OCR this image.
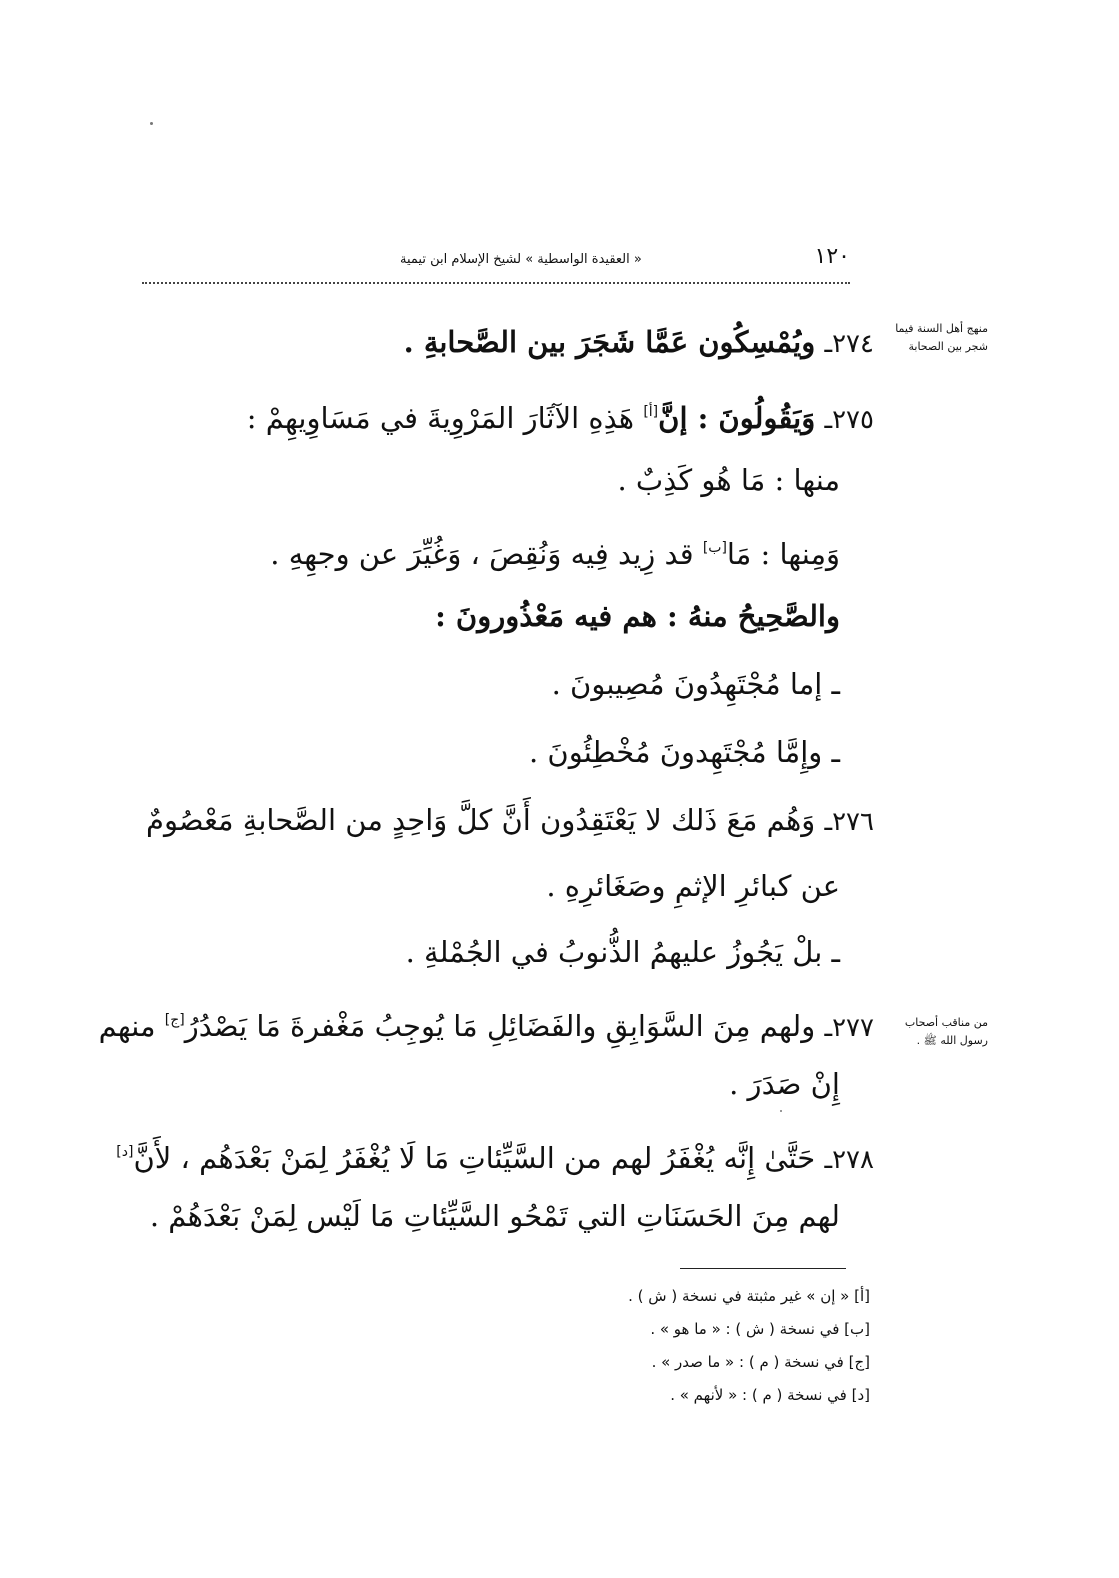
١٢٠
« العقيدة الواسطية » لشيخ الإسلام ابن تيمية
منهج أهل السنة فيما شجر بين الصحابة
من مناقب أصحاب رسول الله ﷺ .
٢٧٤ـ ويُمْسِكُون عَمَّا شَجَرَ بين الصَّحابةِ .
٢٧٥ـ وَيَقُولُونَ : إنَّ[أ] هَذِهِ الآثَارَ المَرْوِيةَ في مَسَاوِيهِمْ :
منها : مَا هُو كَذِبٌ .
وَمِنها : مَا[ب] قد زِيد فِيه وَنُقِصَ ، وَغُيِّرَ عن وجهِهِ .
والصَّحِيحُ منهُ : هم فيه مَعْذُورونَ :
ـ إما مُجْتَهِدُونَ مُصِيبونَ .
ـ وإِمَّا مُجْتَهِدونَ مُخْطِئُونَ .
٢٧٦ـ وَهُم مَعَ ذَلك لا يَعْتَقِدُون أَنَّ كلَّ وَاحِدٍ من الصَّحابةِ مَعْصُومٌ
عن كبائرِ الإثمِ وصَغَائرِهِ .
ـ بلْ يَجُوزُ عليهمُ الذُّنوبُ في الجُمْلةِ .
٢٧٧ـ ولهم مِنَ السَّوَابِقِ والفَضَائِلِ مَا يُوجِبُ مَغْفرةَ مَا يَصْدُرُ[ج] منهم
إِنْ صَدَرَ .
٢٧٨ـ حَتَّىٰ إِنَّه يُغْفَرُ لهم من السَّيِّئاتِ مَا لَا يُغْفَرُ لِمَنْ بَعْدَهُم ، لأَنَّ[د]
لهم مِنَ الحَسَنَاتِ التي تَمْحُو السَّيِّئاتِ مَا لَيْس لِمَنْ بَعْدَهُمْ .
[أ] « إن » غير مثبتة في نسخة ( ش ) .
[ب] في نسخة ( ش ) : « ما هو » .
[ج] في نسخة ( م ) : « ما صدر » .
[د] في نسخة ( م ) : « لأنهم » .
